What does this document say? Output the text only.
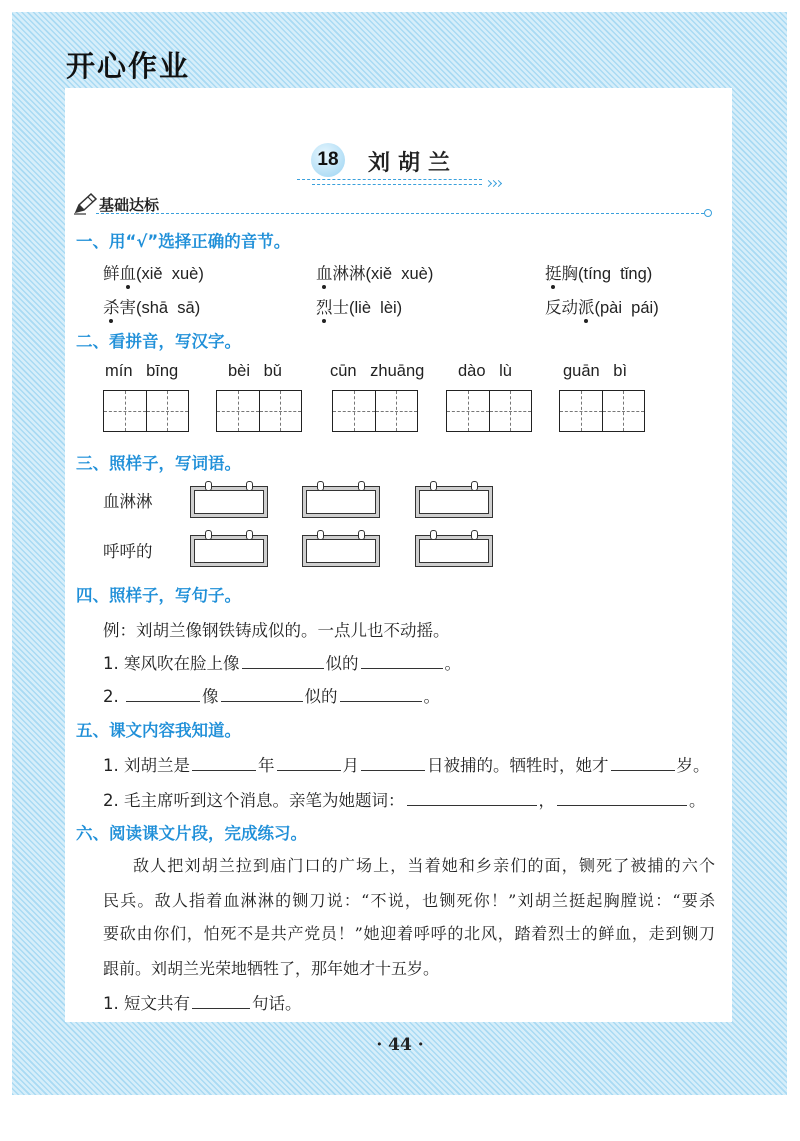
开心作业
18 刘胡兰
基础达标
一、用“√”选择正确的音节。
鲜血(xiě  xuè)	血淋淋(xiě  xuè)	挺胸(tíng  tǐng)
杀害(shā  sā)	烈士(liè  lèi)	反动派(pài  pái)
二、看拼音，写汉字。
mín bīng	bèi bǔ	cūn zhuāng dào lù	guān bì
三、照样子，写词语。
血淋淋
呼呼的
四、照样子，写句子。
例：刘胡兰像钢铁铸成似的。一点儿也不动摇。
1. 寒风吹在脸上像	似的	。
2.	像	似的	。
五、课文内容我知道。
1. 刘胡兰是	年	月	日被捕的。牺牲时，她才	岁。
2. 毛主席听到这个消息。亲笔为她题词：	，	。
六、阅读课文片段，完成练习。
敌人把刘胡兰拉到庙门口的广场上，当着她和乡亲们的面，铡死了被捕的六个
民兵。敌人指着血淋淋的铡刀说：“不说，也铡死你！”刘胡兰挺起胸膛说：“要杀
要砍由你们，怕死不是共产党员！”她迎着呼呼的北风，踏着烈士的鲜血，走到铡刀
跟前。刘胡兰光荣地牺牲了，那年她才十五岁。
1. 短文共有	句话。
· 44 ·
